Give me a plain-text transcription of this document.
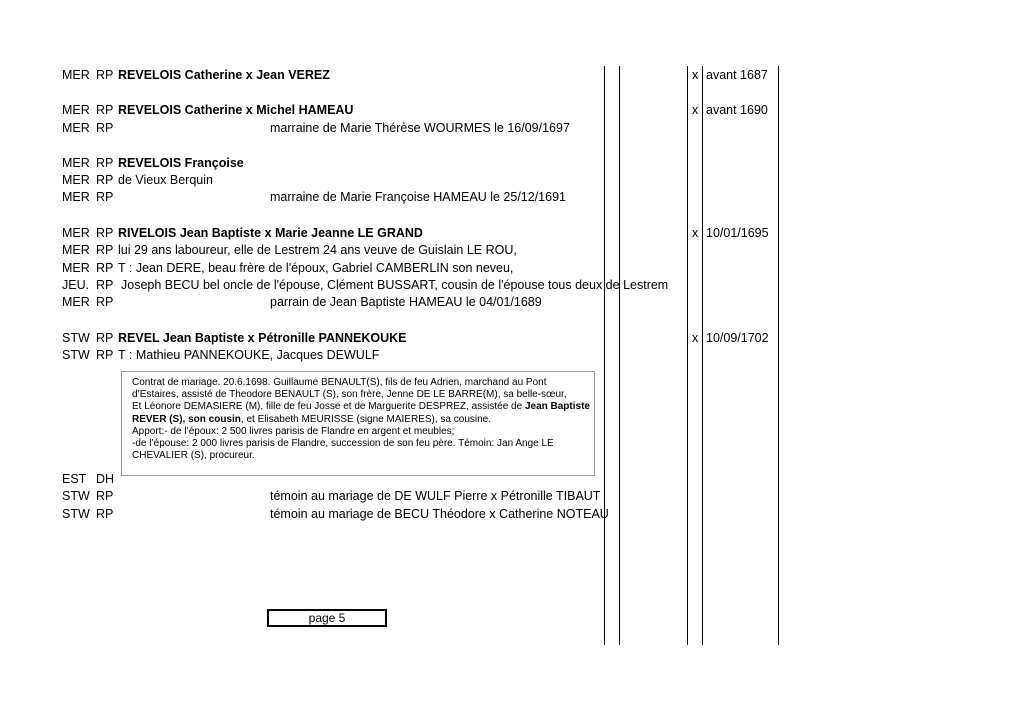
MER RP REVELOIS Catherine x Jean VEREZ	x avant 1687
MER RP REVELOIS Catherine x Michel HAMEAU	x avant 1690
MER RP	marraine de Marie Thérèse WOURMES le 16/09/1697
MER RP REVELOIS Françoise
MER RP de Vieux Berquin
MER RP	marraine de Marie Françoise HAMEAU le 25/12/1691
MER RP RIVELOIS Jean Baptiste x Marie Jeanne LE GRAND	x 10/01/1695
MER RP lui 29 ans laboureur, elle de Lestrem 24 ans veuve de Guislain LE ROU,
MER RP T : Jean DERE, beau frère de l'époux, Gabriel CAMBERLIN son neveu,
JEU. RP Joseph BECU bel oncle de l'épouse, Clément BUSSART, cousin de l'épouse tous deux de Lestrem
MER RP	parrain de Jean Baptiste HAMEAU le 04/01/1689
STW RP REVEL Jean Baptiste x Pétronille PANNEKOUKE	x 10/09/1702
STW RP T : Mathieu PANNEKOUKE, Jacques DEWULF
Contrat de mariage. 20.6.1698. Guillaume BENAULT(S), fils de feu Adrien, marchand au Pont
d’Estaires, assisté de Theodore BENAULT (S), son frère, Jenne DE LE BARRE(M), sa belle-sœur,
Et Léonore DEMASIERE (M), fille de feu Josse et de Marguerite DESPREZ, assistée de Jean Baptiste
REVER (S), son cousin, et Elisabeth MEURISSE (signe MAIERES), sa cousine.
Apport:- de l’époux: 2 500 livres parisis de Flandre en argent et meubles;
-de l’épouse: 2 000 livres parisis de Flandre, succession de son feu père. Témoin: Jan Ange LE
CHEVALIER (S), procureur.
EST DH
STW RP	témoin au mariage de DE WULF Pierre x Pétronille TIBAUT
STW RP	témoin au mariage de BECU Théodore x Catherine NOTEAU
page 5
